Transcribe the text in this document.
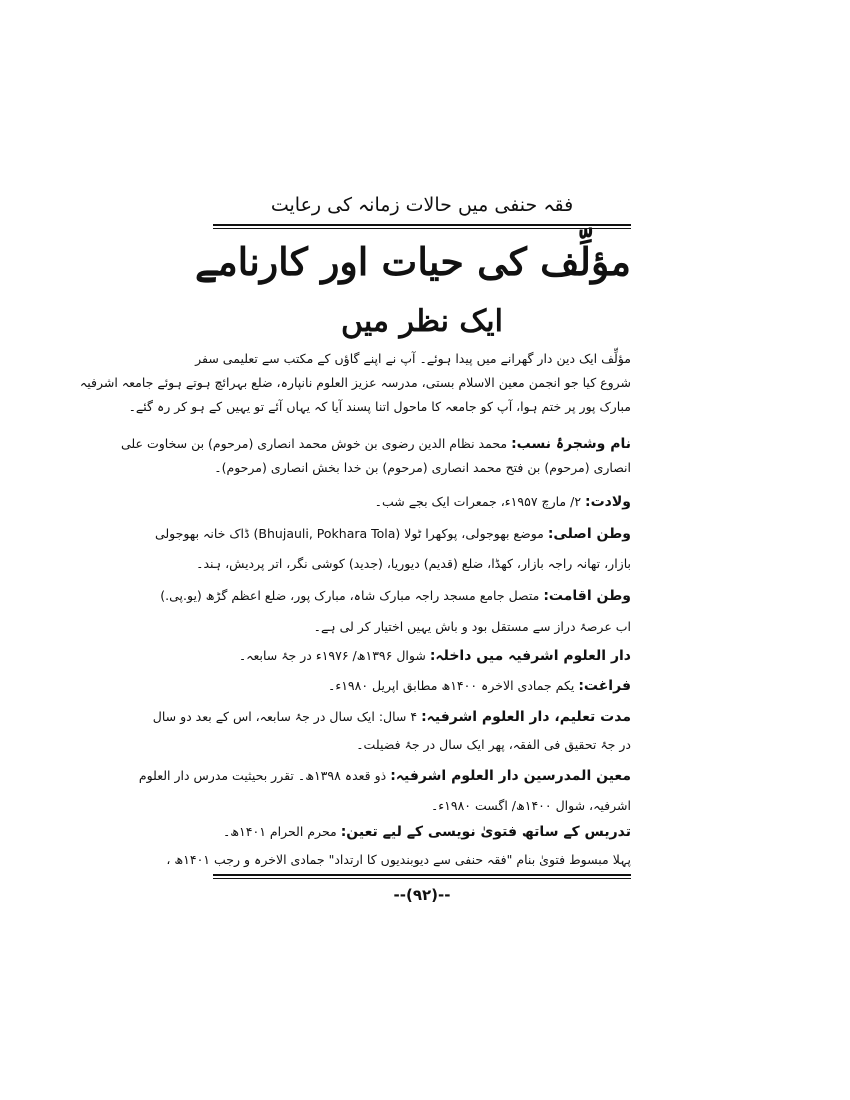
فقہ حنفی میں حالات زمانہ کی رعایت
مؤلِّف کی حیات اور کارنامے
ایک نظر میں
مؤلِّف ایک دین دار گھرانے میں پیدا ہوئے۔ آپ نے اپنے گاؤں کے مکتب سے تعلیمی سفر
شروع کیا جو انجمن معین الاسلام بستی، مدرسہ عزیز العلوم نانپارہ، ضلع بہرائچ ہوتے ہوئے جامعہ اشرفیہ
مبارک پور پر ختم ہوا، آپ کو جامعہ کا ماحول اتنا پسند آیا کہ یہاں آئے تو یہیں کے ہو کر رہ گئے۔
نام وشجرۂ نسب: محمد نظام الدین رضوی بن خوش محمد انصاری (مرحوم) بن سخاوت علی
انصاری (مرحوم) بن فتح محمد انصاری (مرحوم) بن خدا بخش انصاری (مرحوم)۔
ولادت: ۲/ مارچ ۱۹۵۷ء، جمعرات ایک بجے شب۔
وطن اصلی: موضع بھوجولی، پوکھرا ٹولا (Bhujauli, Pokhara Tola) ڈاک خانہ بھوجولی
بازار، تھانہ راجہ بازار، کھڈا، ضلع (قدیم) دیوریا، (جدید) کوشی نگر، اتر پردیش، ہند۔
وطن اقامت: متصل جامع مسجد راجہ مبارک شاہ، مبارک پور، ضلع اعظم گڑھ (یو.پی.)
اب عرصۂ دراز سے مستقل بود و باش یہیں اختیار کر لی ہے۔
دار العلوم اشرفیہ میں داخلہ: شوال ۱۳۹۶ھ/ ۱۹۷۶ء در جۂ سابعہ۔
فراغت: یکم جمادی الاخرہ ۱۴۰۰ھ مطابق اپریل ۱۹۸۰ء۔
مدت تعلیم، دار العلوم اشرفیہ: ۴ سال: ایک سال در جۂ سابعہ، اس کے بعد دو سال
در جۂ تحقیق فی الفقہ، پھر ایک سال در جۂ فضیلت۔
معین المدرسین دار العلوم اشرفیہ: ذو قعدہ ۱۳۹۸ھ۔ تقرر بحیثیت مدرس دار العلوم
اشرفیہ، شوال ۱۴۰۰ھ/ اگست ۱۹۸۰ء۔
تدریس کے ساتھ فتویٰ نویسی کے لیے تعین: محرم الحرام ۱۴۰۱ھ۔
پہلا مبسوط فتویٰ بنام "فقہ حنفی سے دیوبندیوں کا ارتداد" جمادی الاخرہ و رجب ۱۴۰۱ھ ،
--(۹۲)--
